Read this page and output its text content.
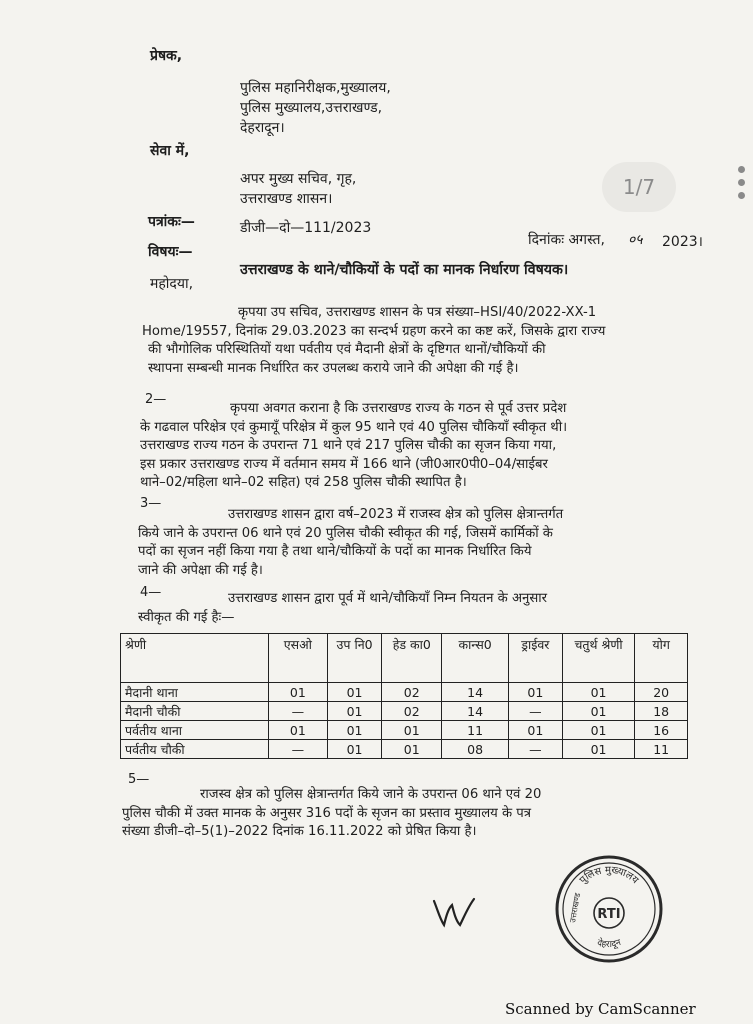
प्रेषक,
पुलिस महानिरीक्षक,मुख्यालय,
पुलिस मुख्यालय,उत्तराखण्ड,
देहरादून।
सेवा में,
अपर मुख्य सचिव, गृह,
उत्तराखण्ड शासन।	1/7
पत्रांकः—	डीजी—दो—111/2023
दिनांकः अगस्त, ०५ 2023।
विषयः—
उत्तराखण्ड के थाने/चौकियों के पदों का मानक निर्धारण विषयक।
महोदया,
कृपया उप सचिव, उत्तराखण्ड शासन के पत्र संख्या–HSI/40/2022-XX-1
Home/19557, दिनांक 29.03.2023 का सन्दर्भ ग्रहण करने का कष्ट करें, जिसके द्वारा राज्य
की भौगोलिक परिस्थितियों यथा पर्वतीय एवं मैदानी क्षेत्रों के दृष्टिगत थानों/चौकियों की
स्थापना सम्बन्धी मानक निर्धारित कर उपलब्ध कराये जाने की अपेक्षा की गई है।
2—
कृपया अवगत कराना है कि उत्तराखण्ड राज्य के गठन से पूर्व उत्तर प्रदेश
के गढवाल परिक्षेत्र एवं कुमायूँ परिक्षेत्र में कुल 95 थाने एवं 40 पुलिस चौकियाँ स्वीकृत थी।
उत्तराखण्ड राज्य गठन के उपरान्त 71 थाने एवं 217 पुलिस चौकी का सृजन किया गया,
इस प्रकार उत्तराखण्ड राज्य में वर्तमान समय में 166 थाने (जी0आर0पी0–04/साईबर
थाने–02/महिला थाने–02 सहित) एवं 258 पुलिस चौकी स्थापित है।
3—
उत्तराखण्ड शासन द्वारा वर्ष–2023 में राजस्व क्षेत्र को पुलिस क्षेत्रान्तर्गत
किये जाने के उपरान्त 06 थाने एवं 20 पुलिस चौकी स्वीकृत की गई, जिसमें कार्मिकों के
पदों का सृजन नहीं किया गया है तथा थाने/चौकियों के पदों का मानक निर्धारित किये
जाने की अपेक्षा की गई है।
4—	उत्तराखण्ड शासन द्वारा पूर्व में थाने/चौकियाँ निम्न नियतन के अनुसार
स्वीकृत की गई हैः—
श्रेणी	एसओ	उप नि0	हेड का0	कान्स0	ड्राईवर	चतुर्थ श्रेणी	योग
मैदानी थाना	01	01	02	14	01	01	20
मैदानी चौकी	—	01	02	14	—	01	18
पर्वतीय थाना	01	01	01	11	01	01	16
पर्वतीय चौकी	—	01	01	08	—	01	11
5—
राजस्व क्षेत्र को पुलिस क्षेत्रान्तर्गत किये जाने के उपरान्त 06 थाने एवं 20
पुलिस चौकी में उक्त मानक के अनुसर 316 पदों के सृजन का प्रस्ताव मुख्यालय के पत्र
संख्या डीजी–दो–5(1)–2022 दिनांक 16.11.2022 को प्रेषित किया है।
पुलिस मुख्यालय
देहरादून
उत्तराखण्ड RTI
Scanned by CamScanner
